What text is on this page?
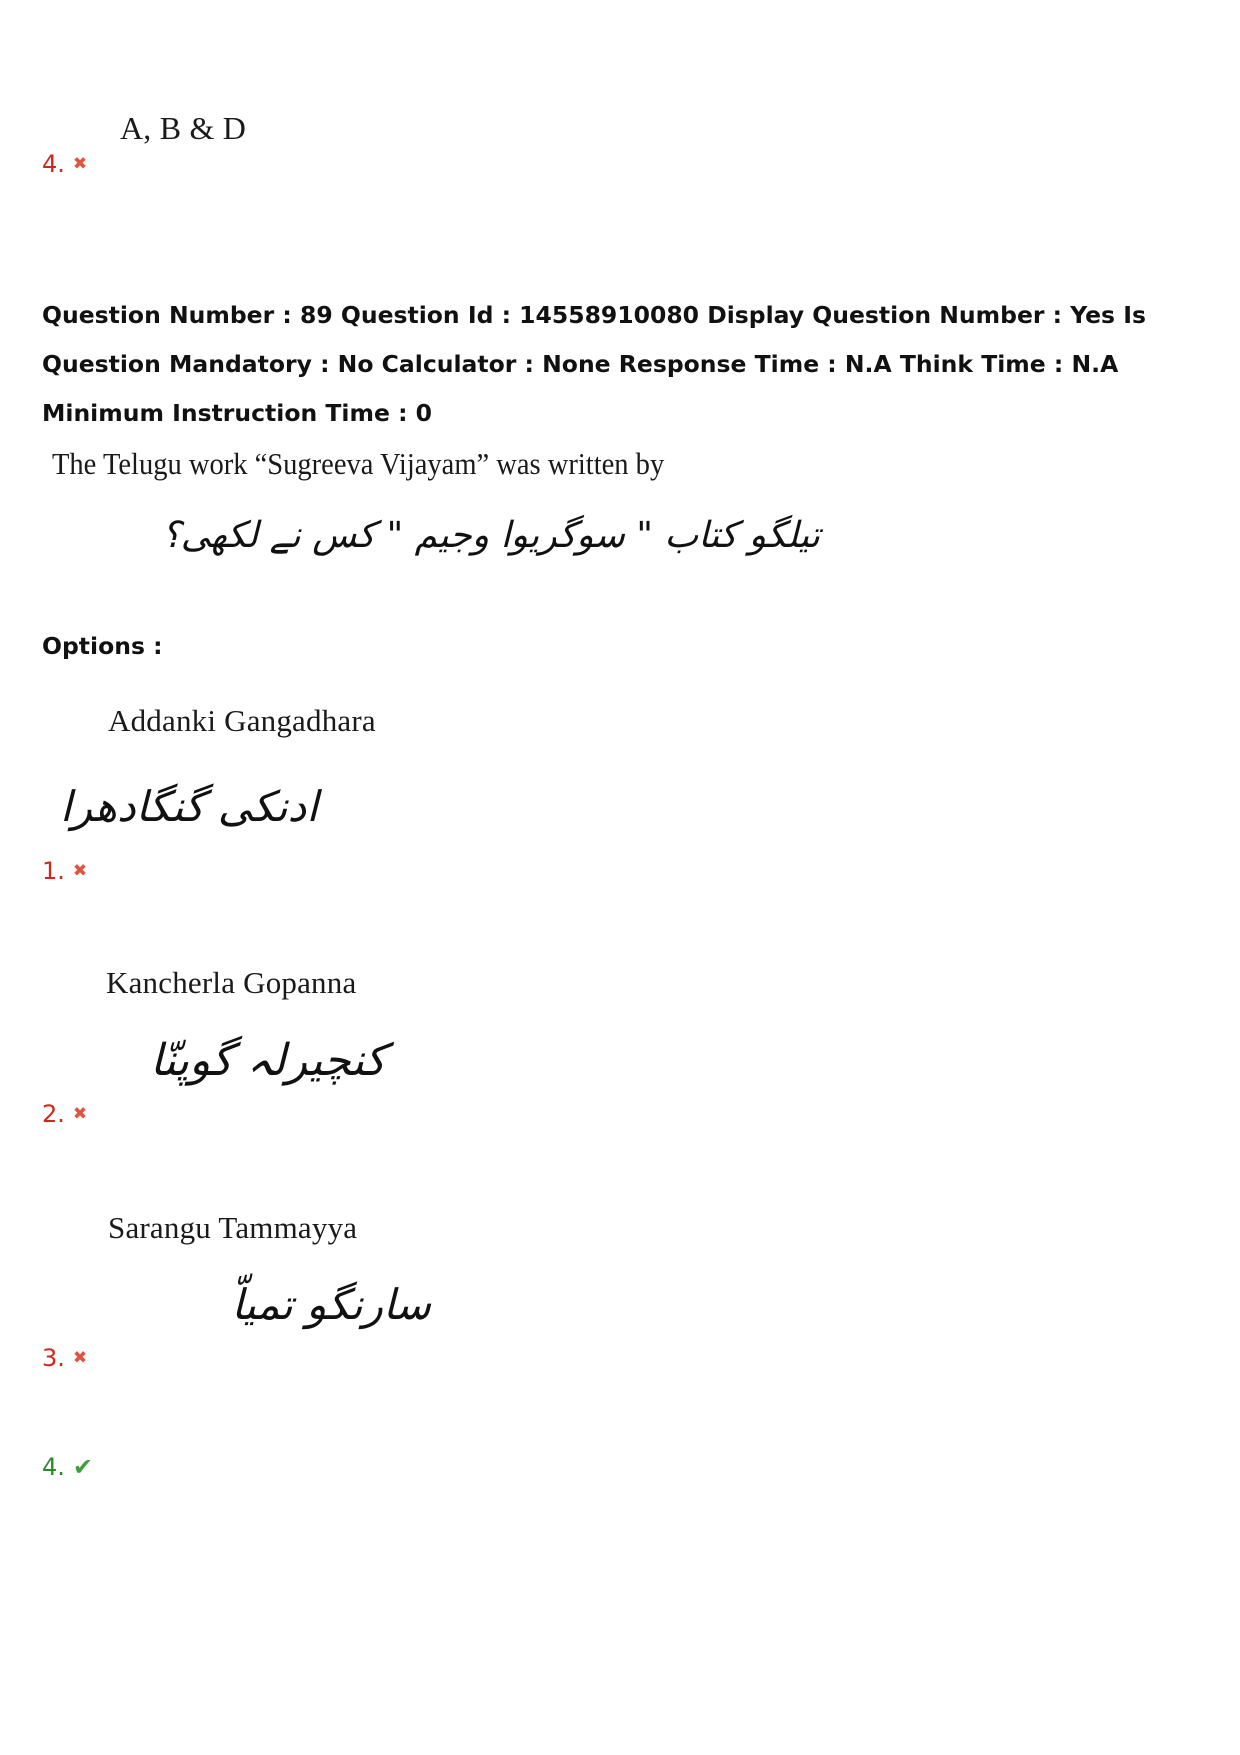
A, B & D
4. ✖
Question Number : 89 Question Id : 14558910080 Display Question Number : Yes Is Question Mandatory : No Calculator : None Response Time : N.A Think Time : N.A Minimum Instruction Time : 0
The Telugu work “Sugreeva Vijayam” was written by
تیلگو کتاب " سوگریوا وجیم " کس نے لکھی؟
Options :
Addanki Gangadhara
ادنکی گنگادھرا
1. ✖
Kancherla Gopanna
کنچیرلہ گوپنّا
2. ✖
Sarangu Tammayya
سارنگو تمیاّ
3. ✖
4. ✔
